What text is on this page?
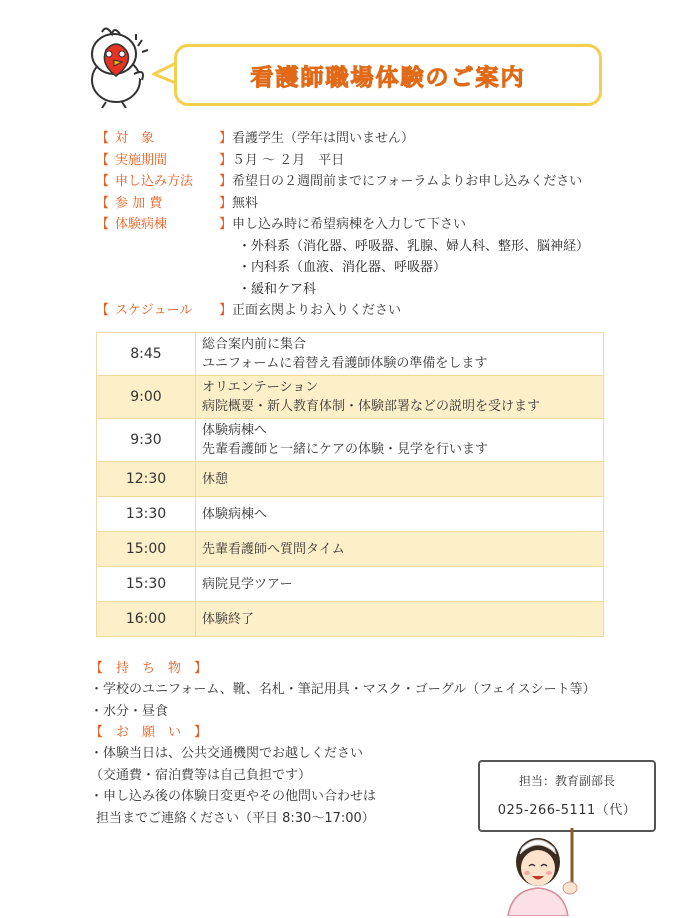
看護師職場体験のご案内
【 対　象	】 看護学生（学年は問いません）
【 実施期間	】 ５月 ～ ２月　平日
【 申し込み方法	】 希望日の２週間前までにフォーラムよりお申し込みください
【 参 加 費	】 無料
【 体験病棟	】 申し込み時に希望病棟を入力して下さい
・外科系（消化器、呼吸器、乳腺、婦人科、整形、脳神経）
・内科系（血液、消化器、呼吸器）
・緩和ケア科
【 スケジュール	】 正面玄関よりお入りください
8:45	総合案内前に集合
ユニフォームに着替え看護師体験の準備をします

9:00	オリエンテーション
病院概要・新人教育体制・体験部署などの説明を受けます

9:30	体験病棟へ
先輩看護師と一緒にケアの体験・見学を行います

12:30	休憩
13:30	体験病棟へ
15:00	先輩看護師へ質問タイム
15:30	病院見学ツアー
16:00	体験終了
【　持　ち　物　】
・学校のユニフォーム、靴、名札・筆記用具・マスク・ゴーグル（フェイスシート等）
・水分・昼食
【　お　願　い　】
・体験当日は、公共交通機関でお越しください
（交通費・宿泊費等は自己負担です）
・申し込み後の体験日変更やその他問い合わせは
担当までご連絡ください（平日 8:30～17:00）
担当：教育副部長
025-266-5111（代）
